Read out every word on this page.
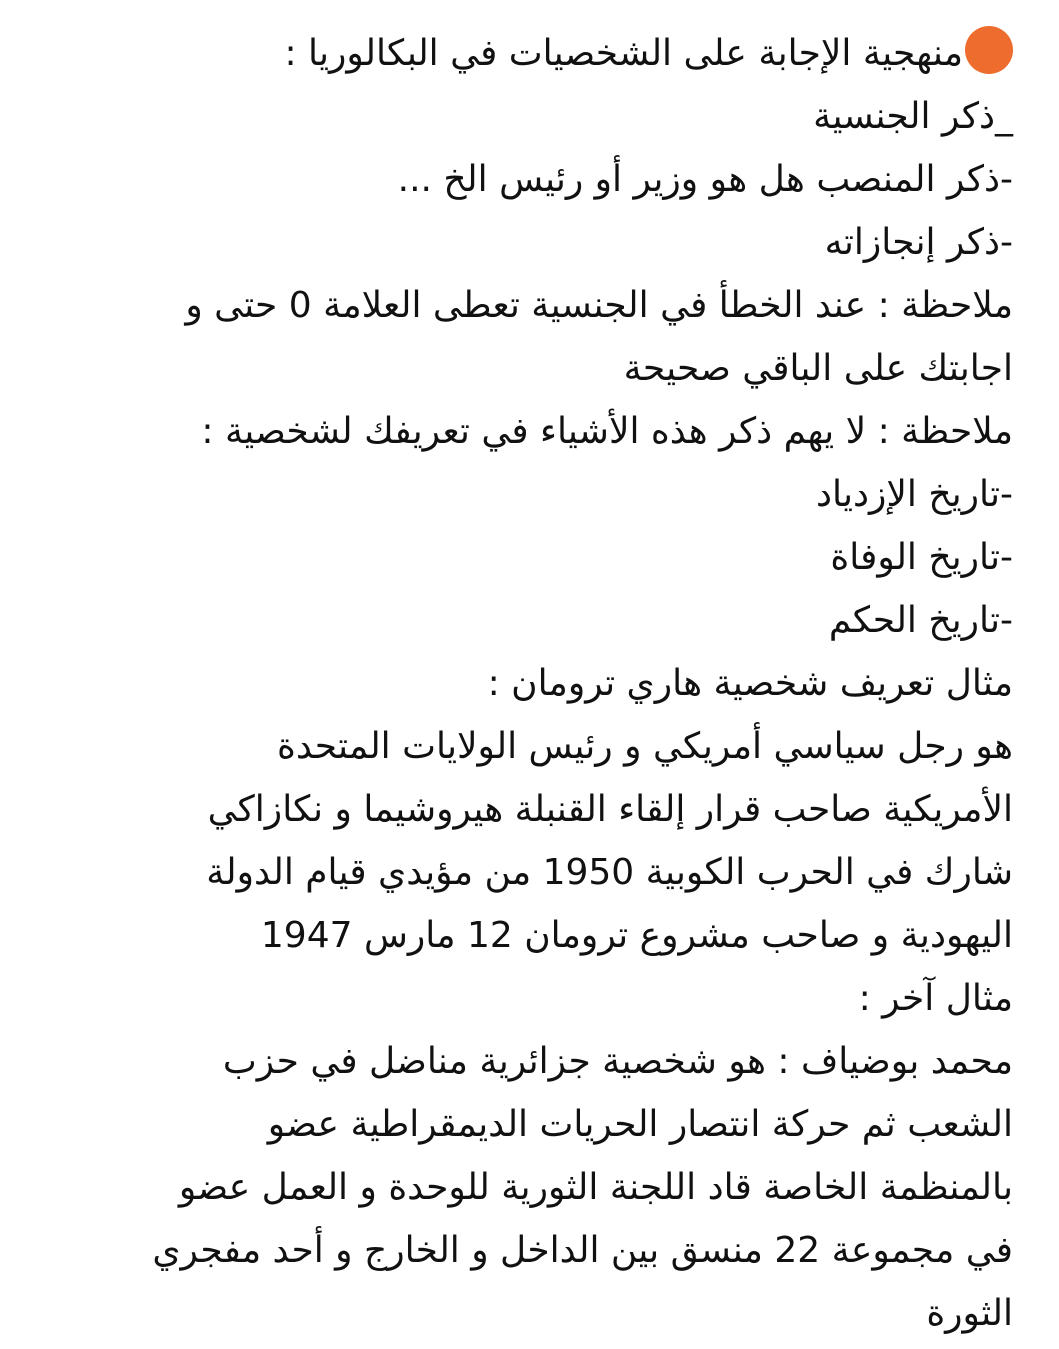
منهجية الإجابة على الشخصيات في البكالوريا :
_ذكر الجنسية
-ذكر المنصب هل هو وزير أو رئيس الخ ...
-ذكر إنجازاته
ملاحظة : عند الخطأ في الجنسية تعطى العلامة 0 حتى و
اجابتك على الباقي صحيحة
ملاحظة : لا يهم ذكر هذه الأشياء في تعريفك لشخصية :
-تاريخ الإزدياد
-تاريخ الوفاة
-تاريخ الحكم
مثال تعريف شخصية هاري ترومان :
هو رجل سياسي أمريكي و رئيس الولايات المتحدة
الأمريكية صاحب قرار إلقاء القنبلة هيروشيما و نكازاكي
شارك في الحرب الكوبية 1950 من مؤيدي قيام الدولة
اليهودية و صاحب مشروع ترومان 12 مارس 1947
مثال آخر :
محمد بوضياف : هو شخصية جزائرية مناضل في حزب
الشعب ثم حركة انتصار الحريات الديمقراطية عضو
بالمنظمة الخاصة قاد اللجنة الثورية للوحدة و العمل عضو
في مجموعة 22 منسق بين الداخل و الخارج و أحد مفجري
الثورة
